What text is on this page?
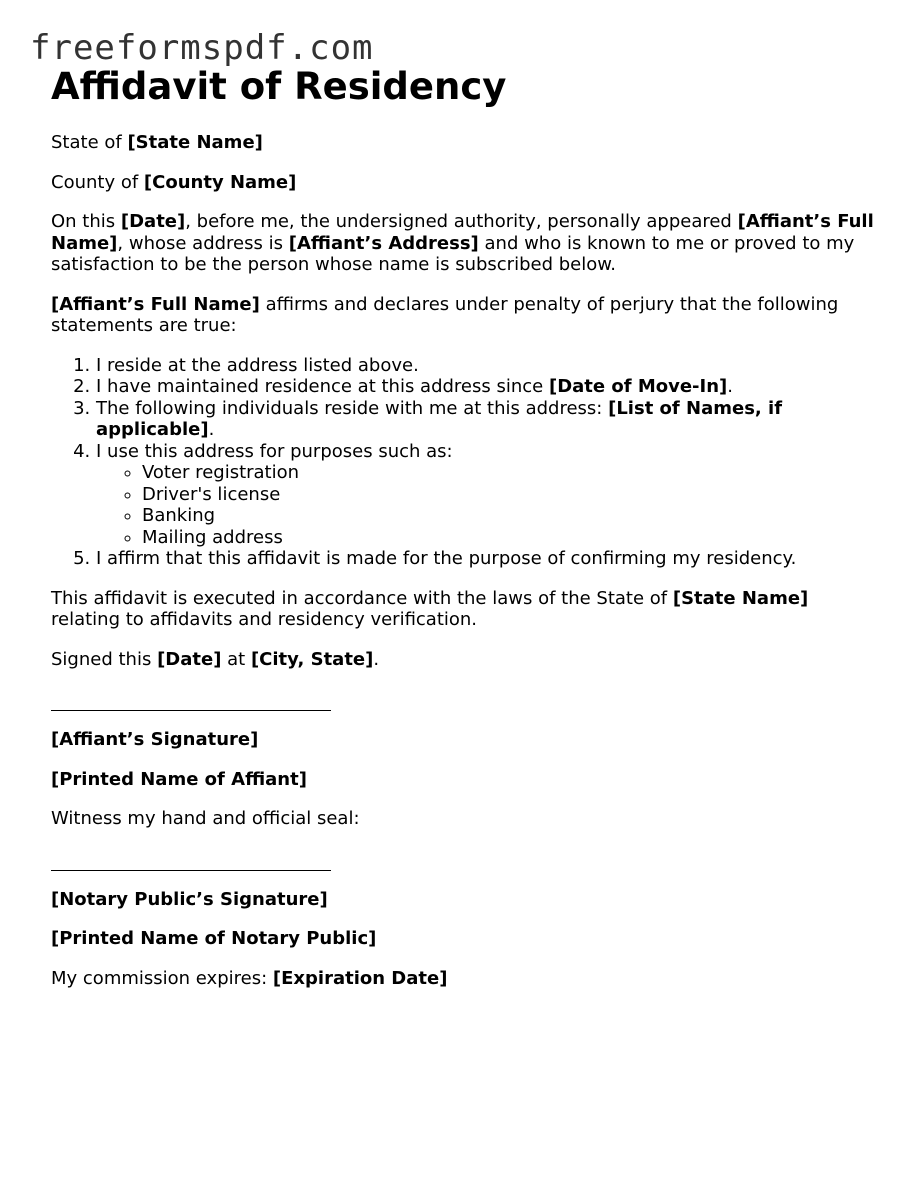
freeformspdf.com
Affidavit of Residency

State of [State Name]

County of [County Name]

On this [Date], before me, the undersigned authority, personally appeared [Affiant’s Full Name], whose address is [Affiant’s Address] and who is known to me or proved to my satisfaction to be the person whose name is subscribed below.

[Affiant’s Full Name] affirms and declares under penalty of perjury that the following statements are true:

1. I reside at the address listed above.
2. I have maintained residence at this address since [Date of Move-In].
3. The following individuals reside with me at this address: [List of Names, if applicable].
4. I use this address for purposes such as:
◦ Voter registration
◦ Driver's license
◦ Banking
◦ Mailing address
5. I affirm that this affidavit is made for the purpose of confirming my residency.

This affidavit is executed in accordance with the laws of the State of [State Name] relating to affidavits and residency verification.

Signed this [Date] at [City, State].

[Affiant’s Signature]

[Printed Name of Affiant]

Witness my hand and official seal:

[Notary Public’s Signature]

[Printed Name of Notary Public]

My commission expires: [Expiration Date]
